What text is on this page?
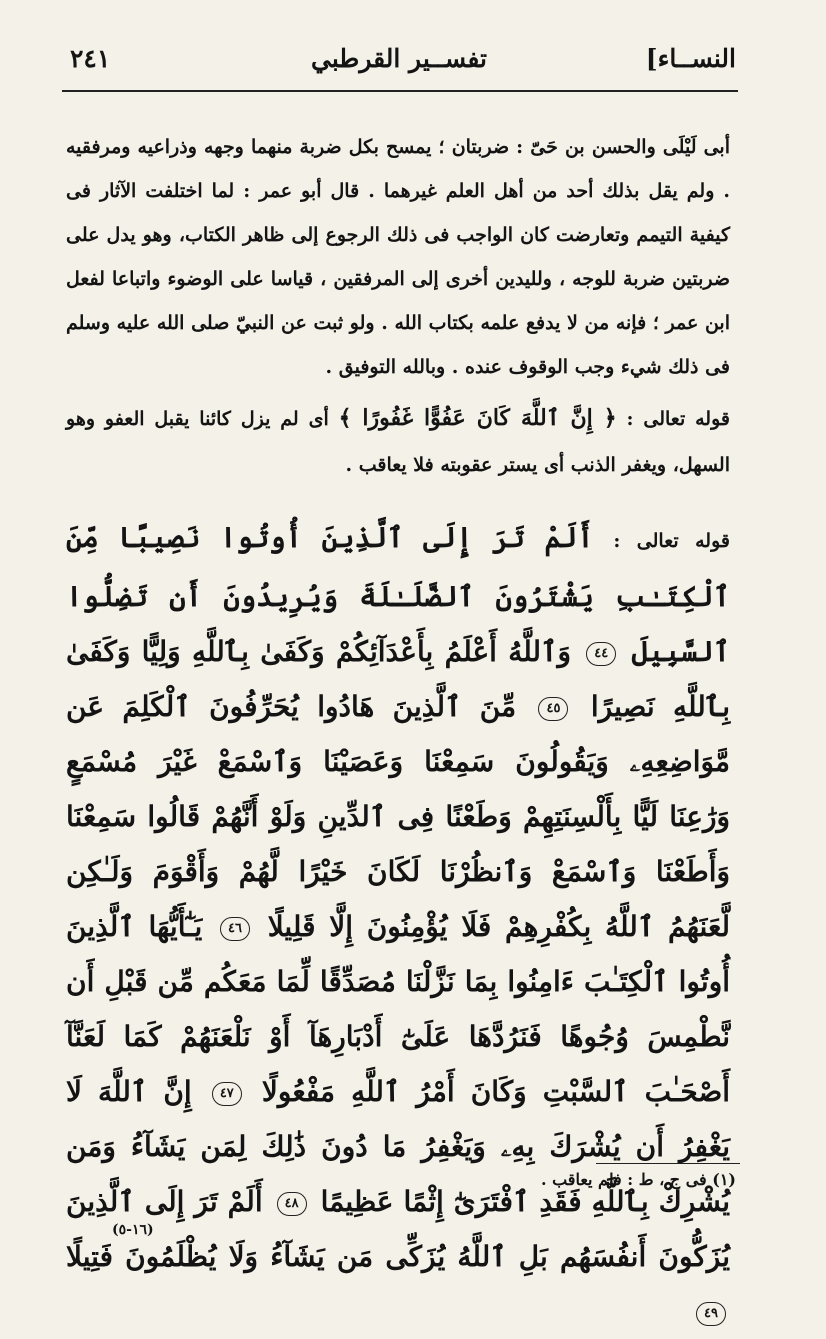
النســاء]
تفســير القرطبي
٢٤١

أبى لَيْلَى والحسن بن حَىّ : ضربتان ؛ يمسح بكل ضربة منهما وجهه وذراعيه ومرفقيه . ولم يقل بذلك أحد من أهل العلم غيرهما . قال أبو عمر : لما اختلفت الآثار فى كيفية التيمم وتعارضت كان الواجب فى ذلك الرجوع إلى ظاهر الكتاب، وهو يدل على ضربتين ضربة للوجه ، ولليدين أخرى إلى المرفقين ، قياسا على الوضوء واتباعا لفعل ابن عمر ؛ فإنه من لا يدفع علمه بكتاب الله . ولو ثبت عن النبيّ صلى الله عليه وسلم فى ذلك شيء وجب الوقوف عنده . وبالله التوفيق .

قوله تعالى : ﴿ إِنَّ ٱللَّهَ كَانَ عَفُوًّا غَفُورًا ﴾ أى لم يزل كائنا يقبل العفو وهو السهل، ويغفر الذنب أى يستر عقوبته فلا يعاقب .

قوله تعالى : أَلَمْ تَرَ إِلَى ٱلَّذِينَ أُوتُوا نَصِيبًا مِّنَ ٱلْكِتَـٰبِ يَشْتَرُونَ ٱلضَّلَـٰلَةَ وَيُرِيدُونَ أَن تَضِلُّوا ٱلسَّبِيلَ ٤٤ وَٱللَّهُ أَعْلَمُ بِأَعْدَآئِكُمْ وَكَفَىٰ بِٱللَّهِ وَلِيًّا وَكَفَىٰ بِٱللَّهِ نَصِيرًا ٤٥ مِّنَ ٱلَّذِينَ هَادُوا يُحَرِّفُونَ ٱلْكَلِمَ عَن مَّوَاضِعِهِۦ وَيَقُولُونَ سَمِعْنَا وَعَصَيْنَا وَٱسْمَعْ غَيْرَ مُسْمَعٍ وَرَٰعِنَا لَيًّا بِأَلْسِنَتِهِمْ وَطَعْنًا فِى ٱلدِّينِ وَلَوْ أَنَّهُمْ قَالُوا سَمِعْنَا وَأَطَعْنَا وَٱسْمَعْ وَٱنظُرْنَا لَكَانَ خَيْرًا لَّهُمْ وَأَقْوَمَ وَلَـٰكِن لَّعَنَهُمُ ٱللَّهُ بِكُفْرِهِمْ فَلَا يُؤْمِنُونَ إِلَّا قَلِيلًا ٤٦ يَـٰٓأَيُّهَا ٱلَّذِينَ أُوتُوا ٱلْكِتَـٰبَ ءَامِنُوا بِمَا نَزَّلْنَا مُصَدِّقًا لِّمَا مَعَكُم مِّن قَبْلِ أَن نَّطْمِسَ وُجُوهًا فَنَرُدَّهَا عَلَىٰٓ أَدْبَارِهَآ أَوْ نَلْعَنَهُمْ كَمَا لَعَنَّآ أَصْحَـٰبَ ٱلسَّبْتِ وَكَانَ أَمْرُ ٱللَّهِ مَفْعُولًا ٤٧ إِنَّ ٱللَّهَ لَا يَغْفِرُ أَن يُشْرَكَ بِهِۦ وَيَغْفِرُ مَا دُونَ ذَٰلِكَ لِمَن يَشَآءُ وَمَن يُشْرِكْ بِٱللَّهِ فَقَدِ ٱفْتَرَىٰٓ إِثْمًا عَظِيمًا ٤٨ أَلَمْ تَرَ إِلَى ٱلَّذِينَ يُزَكُّونَ أَنفُسَهُم بَلِ ٱللَّهُ يُزَكِّى مَن يَشَآءُ وَلَا يُظْلَمُونَ فَتِيلًا ٤٩

(١) فى ج ، ط : فلم يعاقب .
(١٦-٥)
